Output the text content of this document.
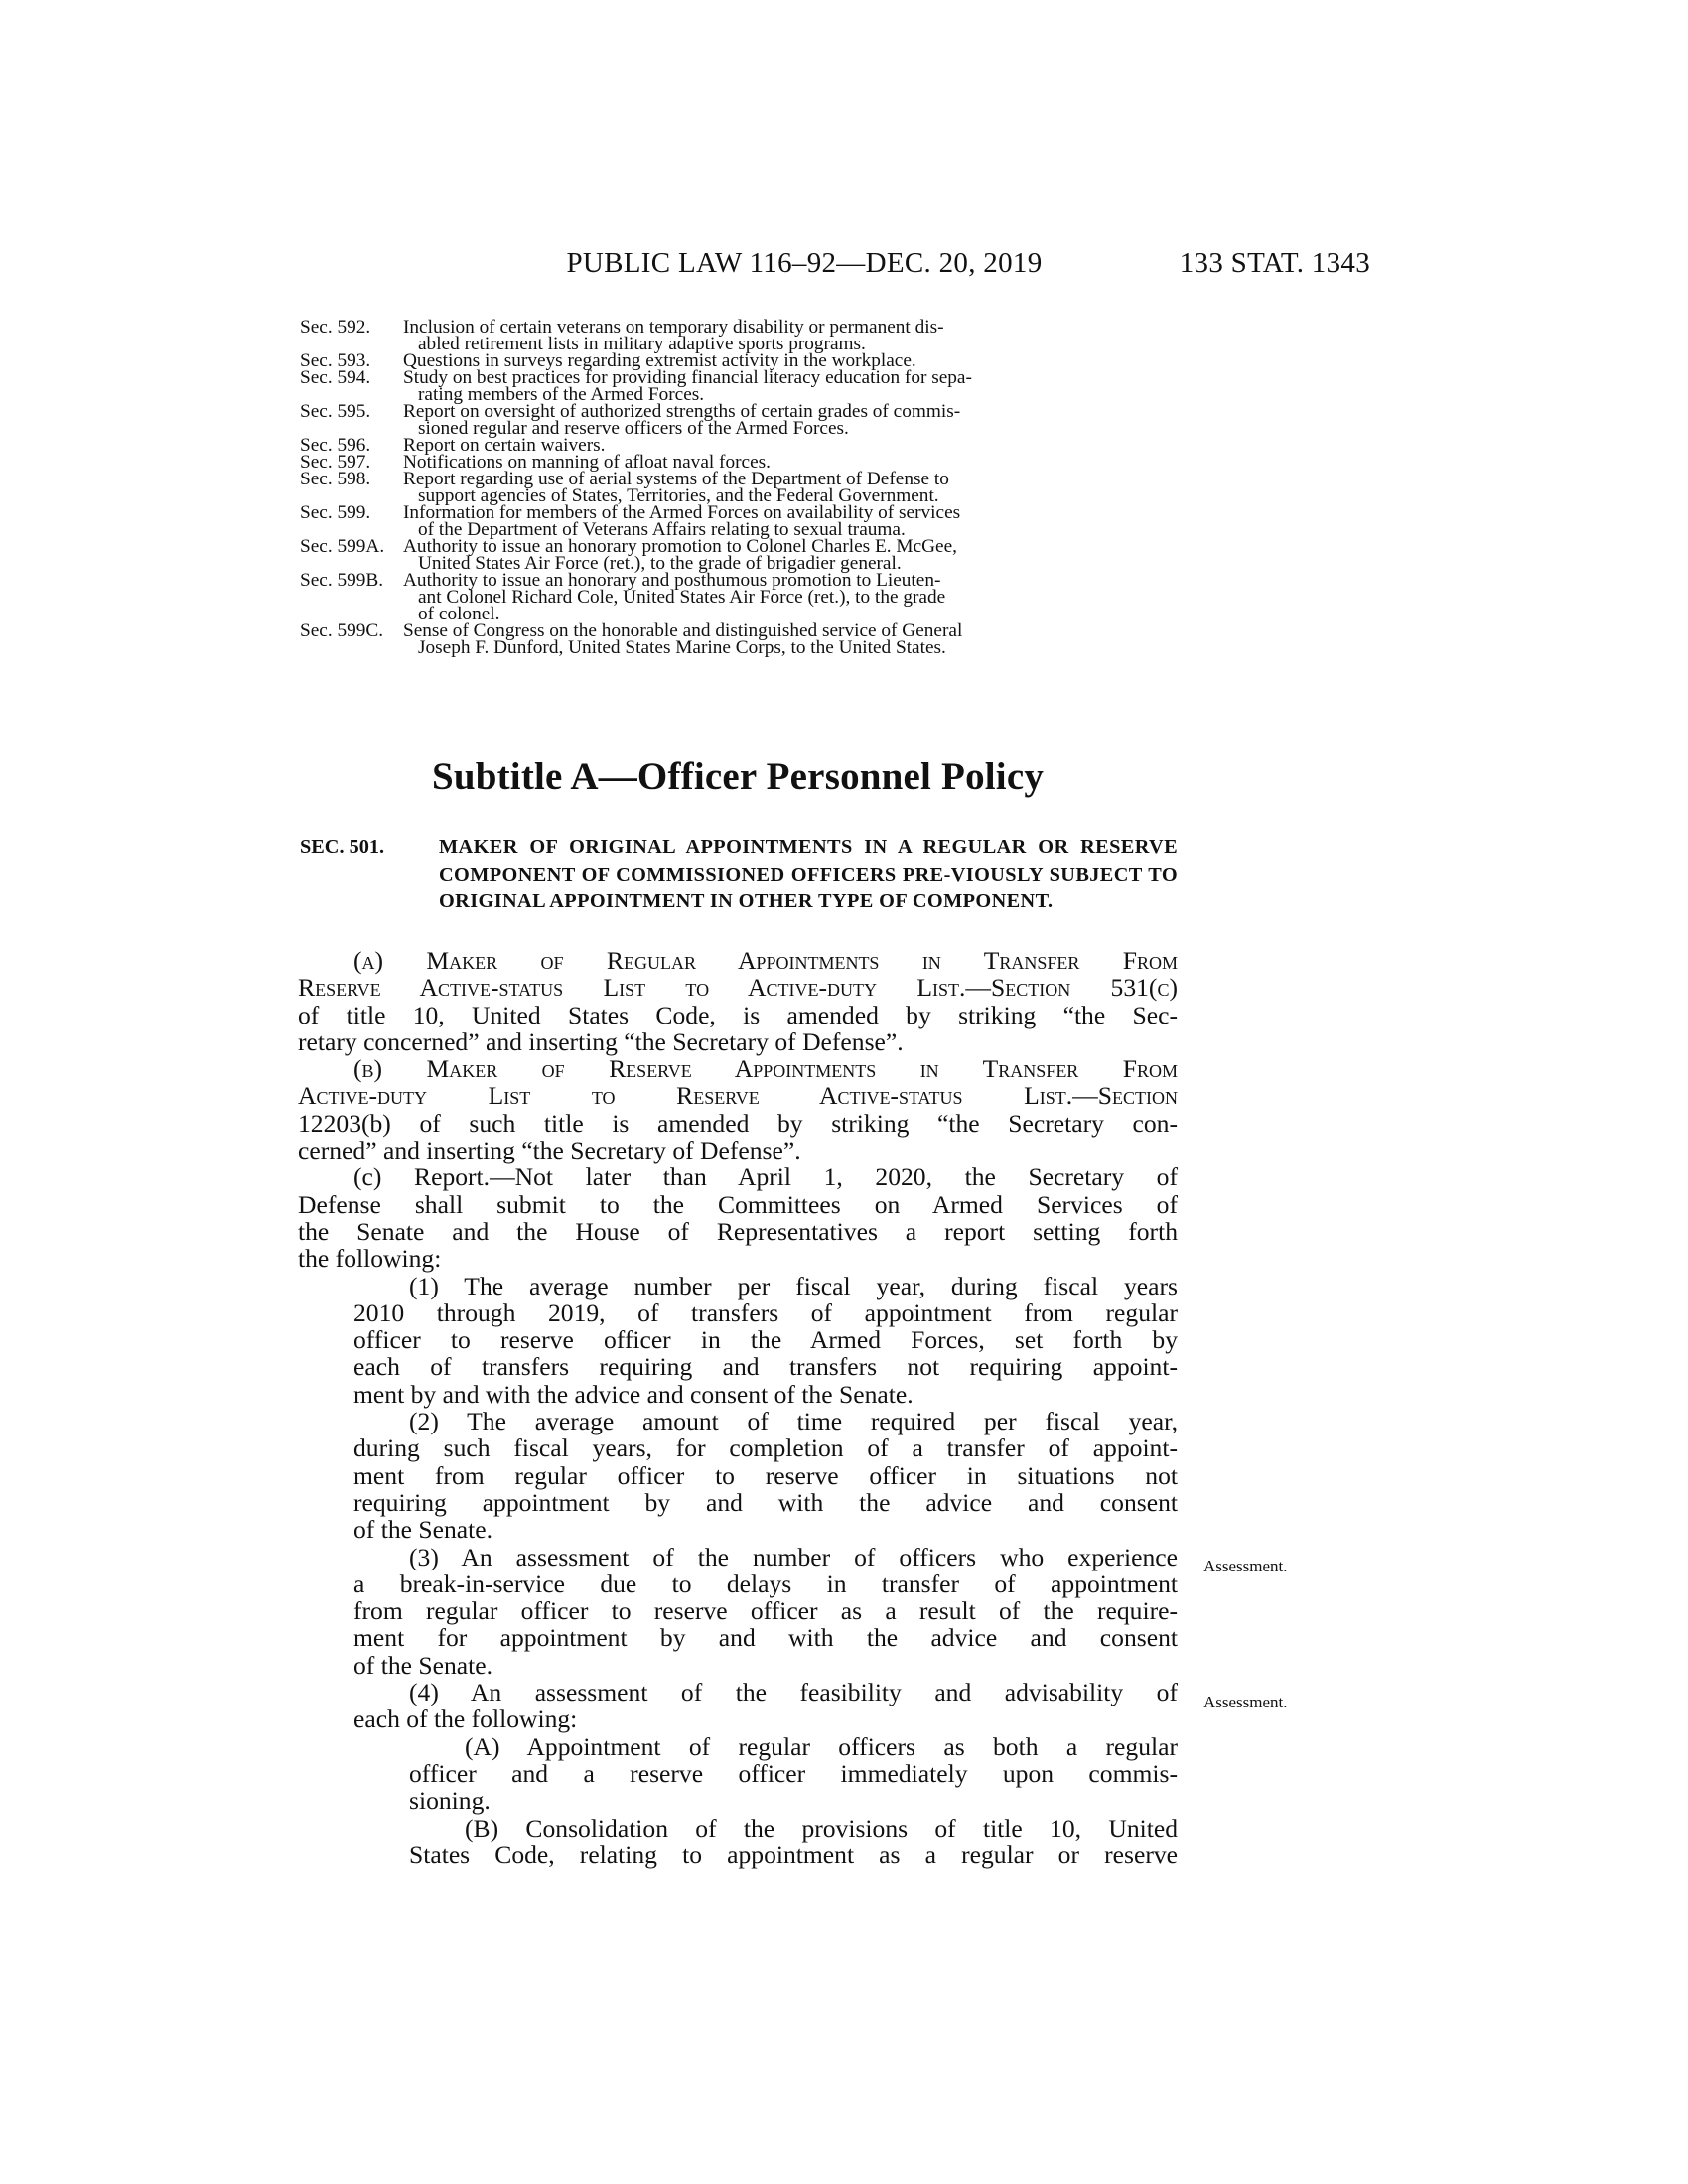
PUBLIC LAW 116–92—DEC. 20, 2019	133 STAT. 1343
Sec. 592.	Inclusion of certain veterans on temporary disability or permanent dis-
abled retirement lists in military adaptive sports programs.
Sec. 593.	Questions in surveys regarding extremist activity in the workplace.
Sec. 594.	Study on best practices for providing financial literacy education for sepa-
rating members of the Armed Forces.
Sec. 595.	Report on oversight of authorized strengths of certain grades of commis-
sioned regular and reserve officers of the Armed Forces.
Sec. 596.	Report on certain waivers.
Sec. 597.	Notifications on manning of afloat naval forces.
Sec. 598.	Report regarding use of aerial systems of the Department of Defense to
support agencies of States, Territories, and the Federal Government.
Sec. 599.	Information for members of the Armed Forces on availability of services
of the Department of Veterans Affairs relating to sexual trauma.
Sec. 599A. Authority to issue an honorary promotion to Colonel Charles E. McGee,
United States Air Force (ret.), to the grade of brigadier general.
Sec. 599B.	Authority to issue an honorary and posthumous promotion to Lieuten-
ant Colonel Richard Cole, United States Air Force (ret.), to the grade
of colonel.
Sec. 599C.	Sense of Congress on the honorable and distinguished service of General
Joseph F. Dunford, United States Marine Corps, to the United States.
Subtitle A—Officer Personnel Policy
SEC. 501.	MAKER OF ORIGINAL APPOINTMENTS IN A REGULAR OR RESERVE COMPONENT OF COMMISSIONED OFFICERS PRE-VIOUSLY SUBJECT TO ORIGINAL APPOINTMENT IN OTHER TYPE OF COMPONENT.
(a) Maker of Regular Appointments in Transfer From
Reserve Active-status List to Active-duty List.—Section 531(c)
of title 10, United States Code, is amended by striking “the Sec-
retary concerned” and inserting “the Secretary of Defense”.
(b) Maker of Reserve Appointments in Transfer From
Active-duty List to Reserve Active-status List.—Section
12203(b) of such title is amended by striking “the Secretary con-
cerned” and inserting “the Secretary of Defense”.
(c) Report.—Not later than April 1, 2020, the Secretary of
Defense shall submit to the Committees on Armed Services of
the Senate and the House of Representatives a report setting forth
the following:
(1) The average number per fiscal year, during fiscal years
2010 through 2019, of transfers of appointment from regular
officer to reserve officer in the Armed Forces, set forth by
each of transfers requiring and transfers not requiring appoint-
ment by and with the advice and consent of the Senate.
(2) The average amount of time required per fiscal year,
during such fiscal years, for completion of a transfer of appoint-
ment from regular officer to reserve officer in situations not
requiring appointment by and with the advice and consent
of the Senate.
(3) An assessment of the number of officers who experience
a break-in-service due to delays in transfer of appointment
from regular officer to reserve officer as a result of the require-
ment for appointment by and with the advice and consent
of the Senate.
(4) An assessment of the feasibility and advisability of
each of the following:
(A) Appointment of regular officers as both a regular
officer and a reserve officer immediately upon commis-
sioning.
(B) Consolidation of the provisions of title 10, United
States Code, relating to appointment as a regular or reserve
Assessment.
Assessment.
